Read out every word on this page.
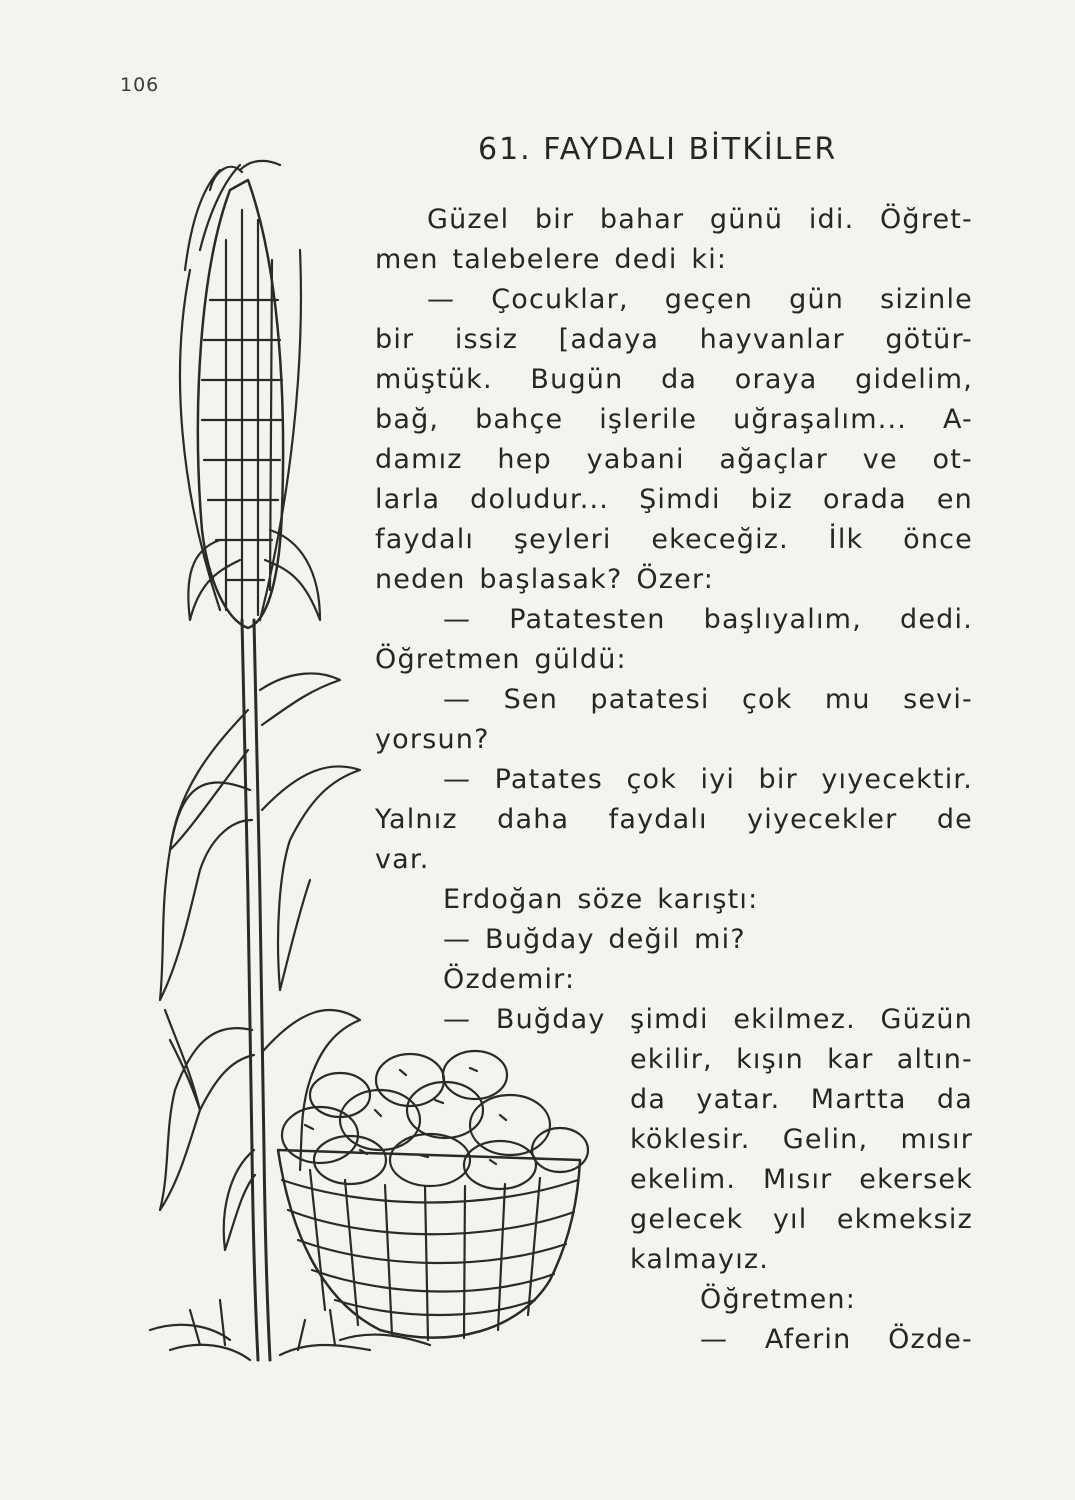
106
61. FAYDALI BİTKİLER
Güzel bir bahar günü idi. Öğret-
men talebelere dedi ki:
— Çocuklar, geçen gün sizinle
bir issiz [adaya hayvanlar götür-
müştük. Bugün da oraya gidelim,
bağ, bahçe işlerile uğraşalım... A-
damız hep yabani ağaçlar ve ot-
larla doludur... Şimdi biz orada en
faydalı şeyleri ekeceğiz. İlk önce
neden başlasak? Özer:
— Patatesten başlıyalım, dedi.
Öğretmen güldü:
— Sen patatesi çok mu sevi-
yorsun?
— Patates çok iyi bir yıyecektir.
Yalnız daha faydalı yiyecekler de
var.
Erdoğan söze karıştı:
— Buğday değil mi?
Özdemir:
— Buğday şimdi ekilmez. Güzün
ekilir, kışın kar altın-
da yatar. Martta da
köklesir. Gelin, mısır
ekelim. Mısır ekersek
gelecek yıl ekmeksiz
kalmayız.
Öğretmen:
— Aferin Özde-
